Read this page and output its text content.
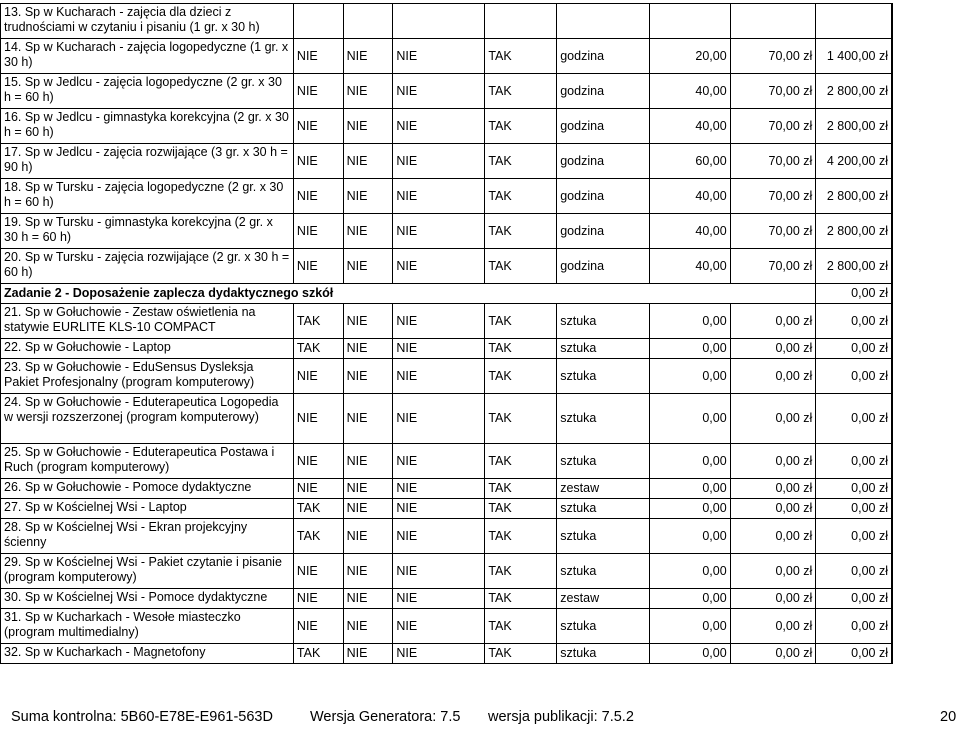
13. Sp w Kucharach - zajęcia dla dzieci z trudnościami w czytaniu i pisaniu (1 gr. x 30 h)								
14. Sp w Kucharach - zajęcia logopedyczne (1 gr. x 30 h)	NIE	NIE	NIE	TAK	godzina	20,00	70,00 zł	1 400,00 zł
15. Sp w Jedlcu - zajęcia logopedyczne (2 gr. x 30 h = 60 h)	NIE	NIE	NIE	TAK	godzina	40,00	70,00 zł	2 800,00 zł
16. Sp w Jedlcu - gimnastyka korekcyjna (2 gr. x 30 h = 60 h)	NIE	NIE	NIE	TAK	godzina	40,00	70,00 zł	2 800,00 zł
17. Sp w Jedlcu - zajęcia rozwijające (3 gr. x 30 h = 90 h)	NIE	NIE	NIE	TAK	godzina	60,00	70,00 zł	4 200,00 zł
18. Sp w Tursku - zajęcia logopedyczne (2 gr. x 30 h = 60 h)	NIE	NIE	NIE	TAK	godzina	40,00	70,00 zł	2 800,00 zł
19. Sp w Tursku - gimnastyka korekcyjna (2 gr. x 30 h = 60 h)	NIE	NIE	NIE	TAK	godzina	40,00	70,00 zł	2 800,00 zł
20. Sp w Tursku - zajęcia rozwijające (2 gr. x 30 h = 60 h)	NIE	NIE	NIE	TAK	godzina	40,00	70,00 zł	2 800,00 zł
Zadanie 2 - Doposażenie zaplecza dydaktycznego szkół								0,00 zł
21. Sp w Gołuchowie - Zestaw oświetlenia na statywie EURLITE KLS-10 COMPACT	TAK	NIE	NIE	TAK	sztuka	0,00	0,00 zł	0,00 zł
22. Sp w Gołuchowie - Laptop	TAK	NIE	NIE	TAK	sztuka	0,00	0,00 zł	0,00 zł
23. Sp w Gołuchowie - EduSensus Dysleksja Pakiet Profesjonalny (program komputerowy)	NIE	NIE	NIE	TAK	sztuka	0,00	0,00 zł	0,00 zł
24. Sp w Gołuchowie - Eduterapeutica Logopedia w wersji rozszerzonej (program komputerowy)	NIE	NIE	NIE	TAK	sztuka	0,00	0,00 zł	0,00 zł
25. Sp w Gołuchowie - Eduterapeutica Postawa i Ruch (program komputerowy)	NIE	NIE	NIE	TAK	sztuka	0,00	0,00 zł	0,00 zł
26. Sp w Gołuchowie - Pomoce dydaktyczne	NIE	NIE	NIE	TAK	zestaw	0,00	0,00 zł	0,00 zł
27. Sp w Kościelnej Wsi - Laptop	TAK	NIE	NIE	TAK	sztuka	0,00	0,00 zł	0,00 zł
28. Sp w Kościelnej Wsi - Ekran projekcyjny ścienny	TAK	NIE	NIE	TAK	sztuka	0,00	0,00 zł	0,00 zł
29. Sp w Kościelnej Wsi - Pakiet czytanie i pisanie (program komputerowy)	NIE	NIE	NIE	TAK	sztuka	0,00	0,00 zł	0,00 zł
30. Sp w Kościelnej Wsi - Pomoce dydaktyczne	NIE	NIE	NIE	TAK	zestaw	0,00	0,00 zł	0,00 zł
31. Sp w Kucharkach - Wesołe miasteczko (program multimedialny)	NIE	NIE	NIE	TAK	sztuka	0,00	0,00 zł	0,00 zł
32. Sp w Kucharkach - Magnetofony	TAK	NIE	NIE	TAK	sztuka	0,00	0,00 zł	0,00 zł
Suma kontrolna: 5B60-E78E-E961-563D	Wersja Generatora: 7.5 wersja publikacji: 7.5.2	20
